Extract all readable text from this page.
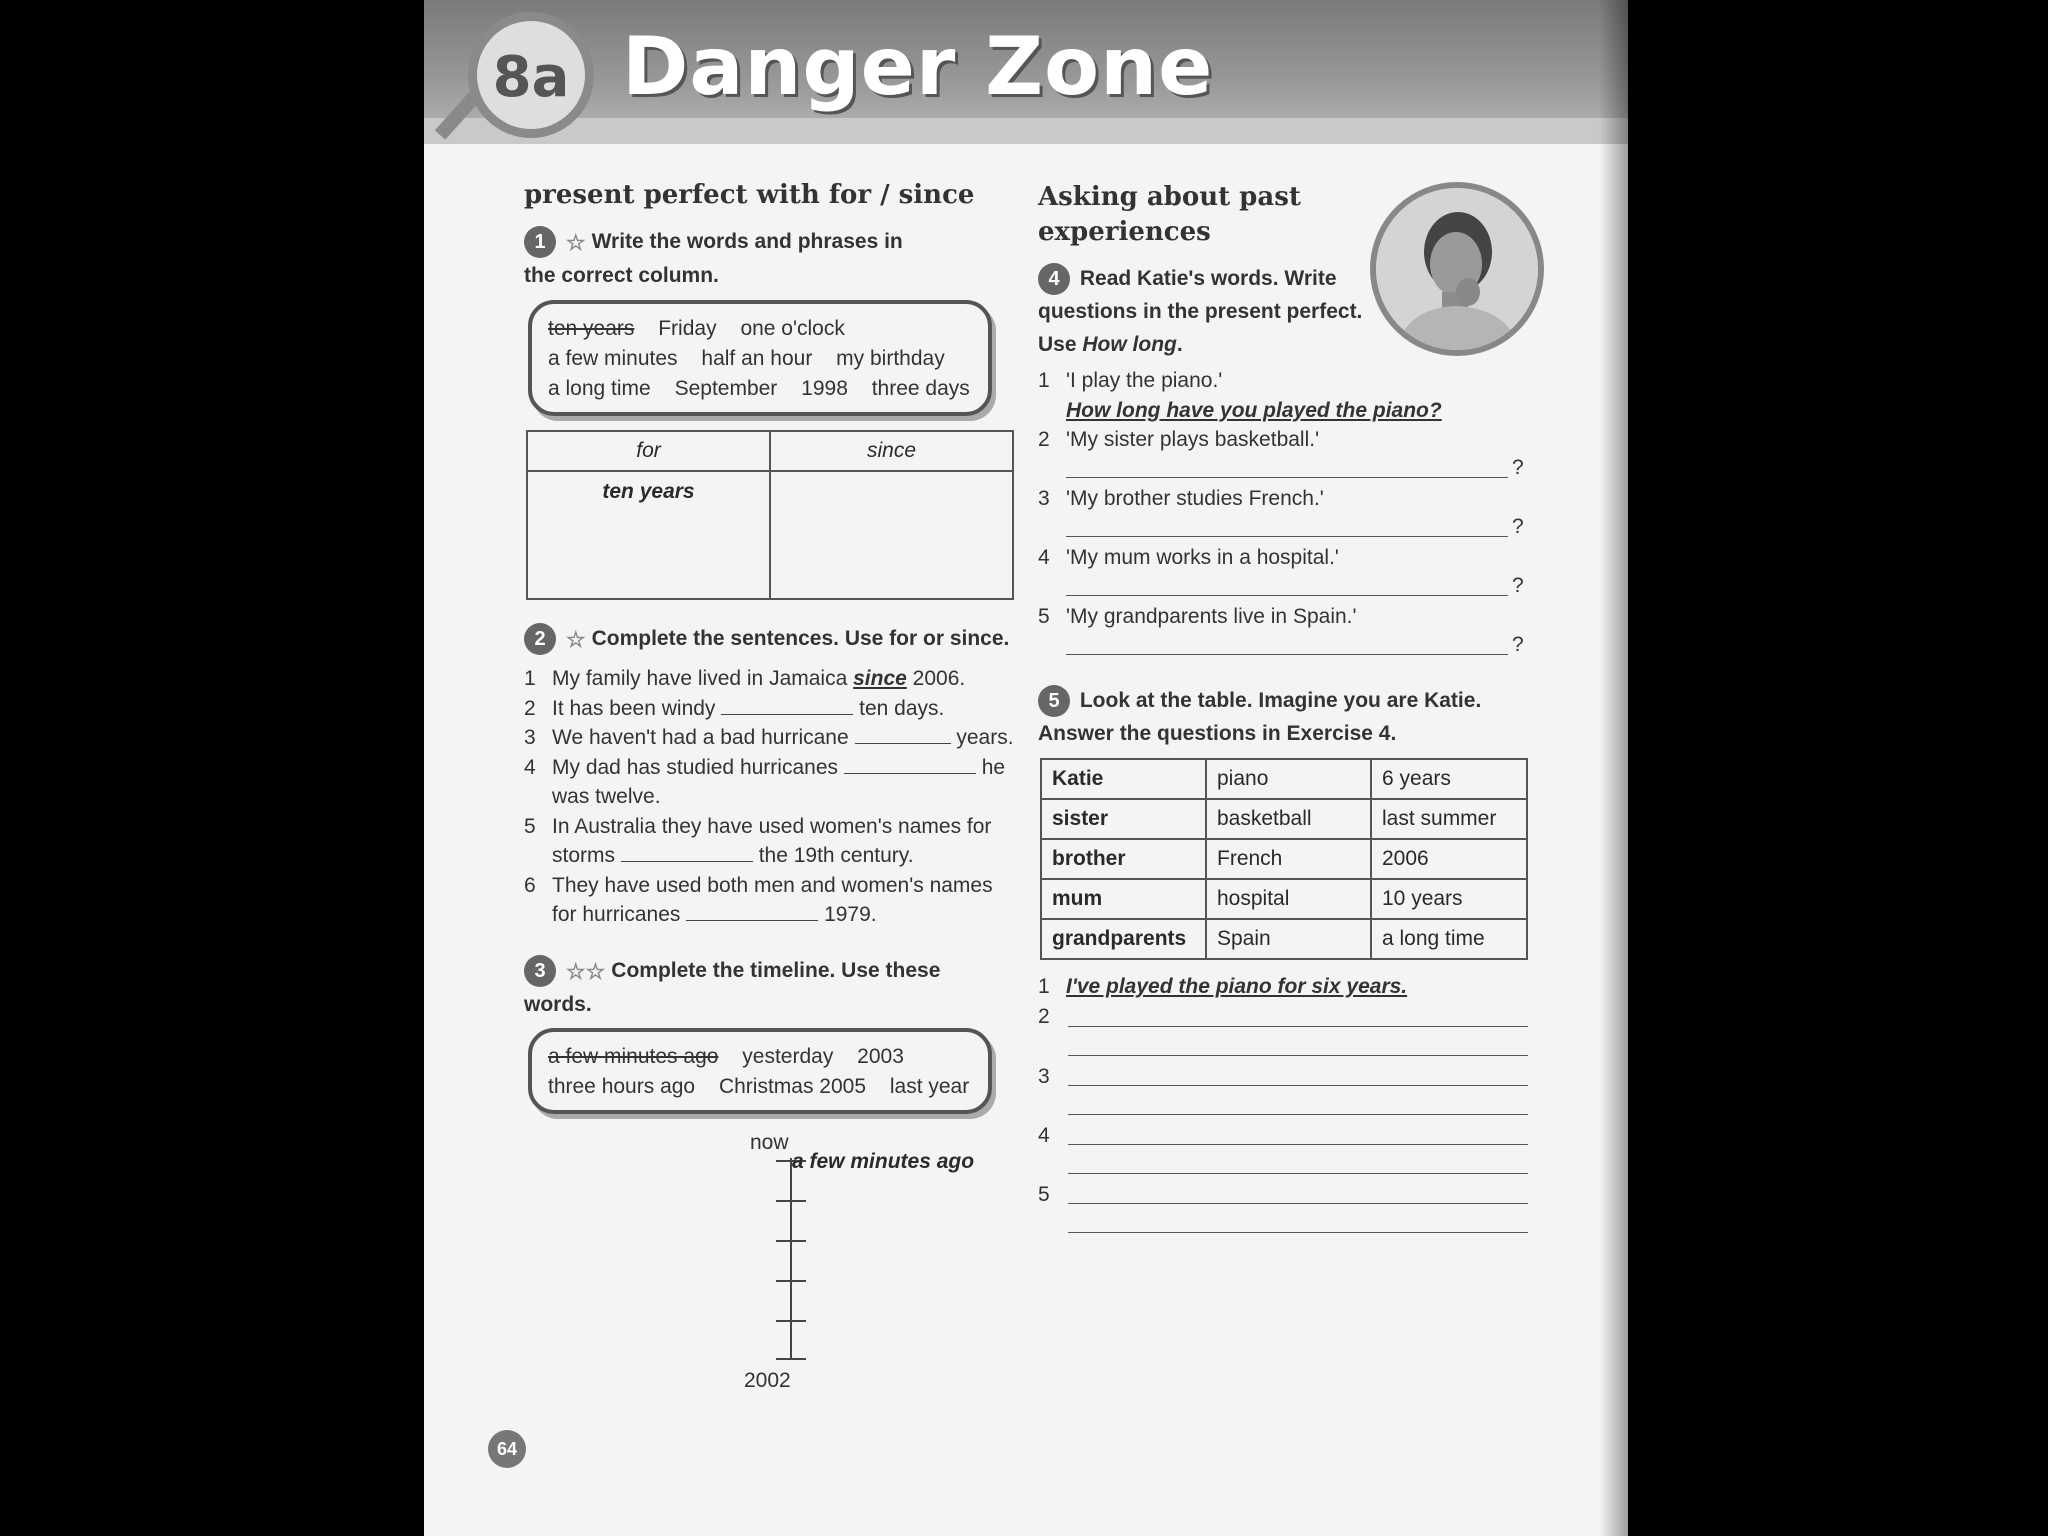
8a Danger Zone
present perfect with for / since
1 ☆ Write the words and phrases in the correct column.
ten years Friday one o'clock
a few minutes half an hour my birthday
a long time September 1998 three days
for	since
ten years	
2 ☆ Complete the sentences. Use for or since.
1 My family have lived in Jamaica since 2006.
2 It has been windy	ten days.
3 We haven't had a bad hurricane	years.
4 My dad has studied hurricanes	he
was twelve.
5 In Australia they have used women's names for
storms	the 19th century.
6 They have used both men and women's names
for hurricanes	1979.
3 ☆☆ Complete the timeline. Use these words.
a few minutes ago yesterday 2003
three hours ago Christmas 2005 last year
now
a few minutes ago
2002
64
Asking about past
experiences
4 Read Katie's words. Write
questions in the present perfect.
Use How long.
1 'I play the piano.'
How long have you played the piano?
2 'My sister plays basketball.'
?
3 'My brother studies French.'
?
4 'My mum works in a hospital.'
?
5 'My grandparents live in Spain.'
?
5 Look at the table. Imagine you are Katie.
Answer the questions in Exercise 4.
Katie	piano	6 years
sister	basketball	last summer
brother	French	2006
mum	hospital	10 years
grandparents	Spain	a long time
1 I've played the piano for six years.
2
3
4
5
